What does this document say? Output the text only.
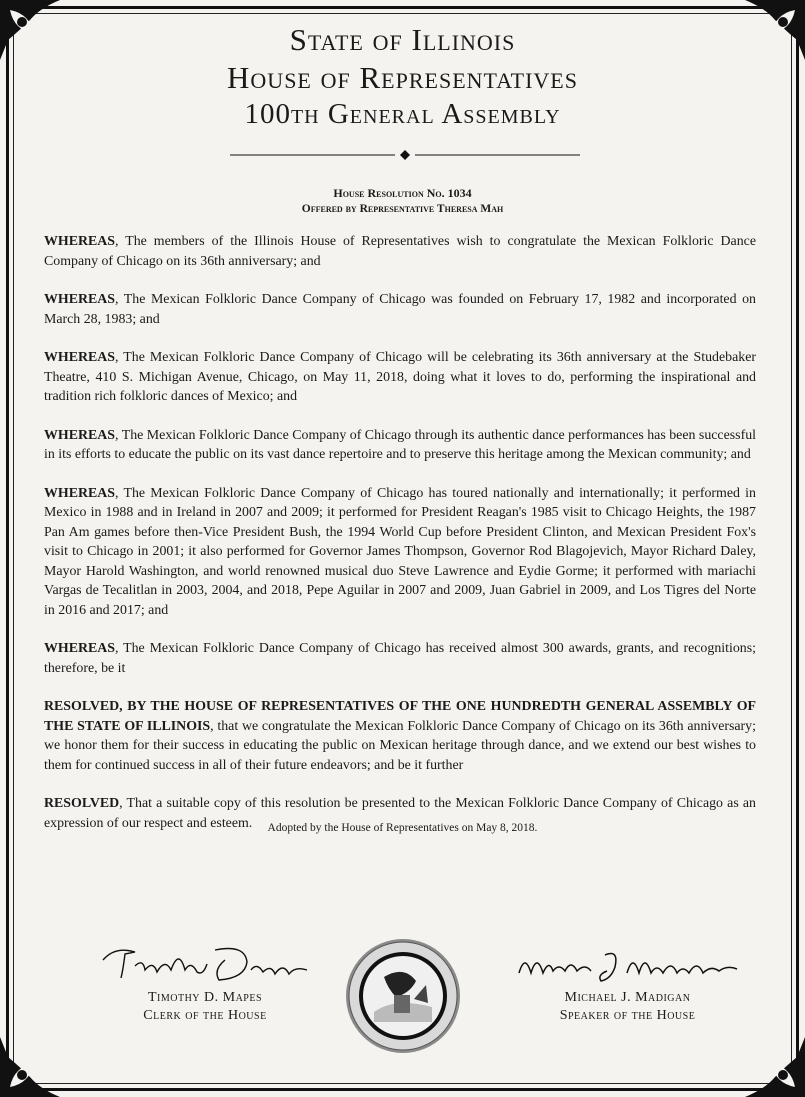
State of Illinois
House of Representatives
100th General Assembly
House Resolution No. 1034
Offered by Representative Theresa Mah

WHEREAS, The members of the Illinois House of Representatives wish to congratulate the Mexican Folkloric Dance Company of Chicago on its 36th anniversary; and

WHEREAS, The Mexican Folkloric Dance Company of Chicago was founded on February 17, 1982 and incorporated on March 28, 1983; and

WHEREAS, The Mexican Folkloric Dance Company of Chicago will be celebrating its 36th anniversary at the Studebaker Theatre, 410 S. Michigan Avenue, Chicago, on May 11, 2018, doing what it loves to do, performing the inspirational and tradition rich folkloric dances of Mexico; and

WHEREAS, The Mexican Folkloric Dance Company of Chicago through its authentic dance performances has been successful in its efforts to educate the public on its vast dance repertoire and to preserve this heritage among the Mexican community; and

WHEREAS, The Mexican Folkloric Dance Company of Chicago has toured nationally and internationally; it performed in Mexico in 1988 and in Ireland in 2007 and 2009; it performed for President Reagan's 1985 visit to Chicago Heights, the 1987 Pan Am games before then-Vice President Bush, the 1994 World Cup before President Clinton, and Mexican President Fox's visit to Chicago in 2001; it also performed for Governor James Thompson, Governor Rod Blagojevich, Mayor Richard Daley, Mayor Harold Washington, and world renowned musical duo Steve Lawrence and Eydie Gorme; it performed with mariachi Vargas de Tecalitlan in 2003, 2004, and 2018, Pepe Aguilar in 2007 and 2009, Juan Gabriel in 2009, and Los Tigres del Norte in 2016 and 2017; and

WHEREAS, The Mexican Folkloric Dance Company of Chicago has received almost 300 awards, grants, and recognitions; therefore, be it

RESOLVED, BY THE HOUSE OF REPRESENTATIVES OF THE ONE HUNDREDTH GENERAL ASSEMBLY OF THE STATE OF ILLINOIS, that we congratulate the Mexican Folkloric Dance Company of Chicago on its 36th anniversary; we honor them for their success in educating the public on Mexican heritage through dance, and we extend our best wishes to them for continued success in all of their future endeavors; and be it further

RESOLVED, That a suitable copy of this resolution be presented to the Mexican Folkloric Dance Company of Chicago as an expression of our respect and esteem.	Adopted by the House of Representatives on May 8, 2018.
Timothy D. Mapes
Clerk of the House
Michael J. Madigan
Speaker of the House
